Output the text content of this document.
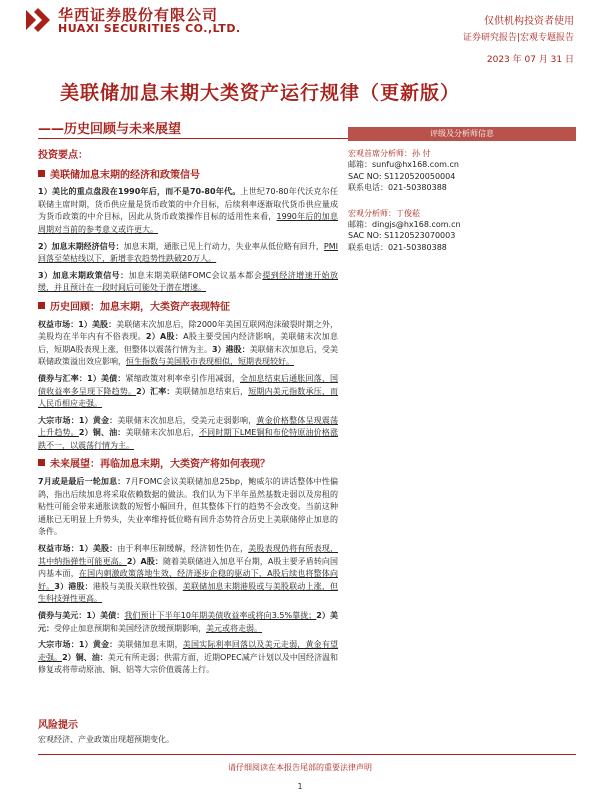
华西证券股份有限公司
HUAXI SECURITIES CO.,LTD.
仅供机构投资者使用
证券研究报告|宏观专题报告
2023 年 07 月 31 日
美联储加息末期大类资产运行规律（更新版）
——历史回顾与未来展望	评级及分析师信息
宏观首席分析师：孙 付
邮箱：sunfu@hx168.com.cn
SAC NO: S1120520050004
联系电话：021-50380388
宏观分析师：丁俊菘
邮箱：dingjs@hx168.com.cn
SAC NO: S1120523070003
联系电话：021-50380388
投资要点：
美联储加息末期的经济和政策信号

1）美比的重点盘段在1990年后，而不是70-80年代。上世纪70-80年代沃克尔任联储主席时期，货币供应量是货币政策的中介目标，后续利率逐渐取代货币供应量成为货币政策的中介目标，因此从货币政策操作目标的适用性来看，1990年后的加息周期对当前的参考意义或许更大。

2）加息末期经济信号：加息末期，通胀已见上行动力，失业率从低位略有回升，PMI回落至荣枯线以下，新增非农趋势性跌破20万人。

3）加息末期政策信号：加息末期美联储FOMC会议基本都会提到经济增速开始放缓，并且预计在一段时间后可能处于潜在增速。

历史回顾：加息末期，大类资产表现特征

权益市场：1）美股：美联储末次加息后，除2000年美国互联网泡沫破裂时期之外，美股均在半年内有不俗表现。2）A股：A股主要受国内经济影响，美联储末次加息后，短期A股表现上涨，但整体以震荡行情为主。3）港股：美联储末次加息后，受美联储政策溢出效应影响，恒生指数与美国股市表现相似，短期表现较好。

债券与汇率：1）美债：紧缩政策对利率牵引作用减弱，全加息结束后通胀回落、国债收益率多呈现下降趋势。2）汇率：美联储加息结束后，短期内美元指数承压，而人民币相应走强。

大宗市场：1）黄金：美联储末次加息后，受美元走弱影响，黄金价格整体呈现震荡上升趋势。2）铜、油：美联储末次加息后，不同时期下LME铜和布伦特原油价格涨跌不一，以震荡行情为主。

未来展望：再临加息末期，大类资产将如何表现？

7月或是最后一轮加息：7月FOMC会议美联储加息25bp，鲍威尔的讲话整体中性偏鸽，指出后续加息将采取依赖数据的做法。我们认为下半年虽然基数走弱以及房租的粘性可能会带来通胀读数的短暂小幅回升，但其整体下行的趋势不会改变。当前这种通胀已无明显上升势头，失业率维持低位略有回升态势符合历史上美联储停止加息的条件。

权益市场：1）美股：由于利率压制缓解，经济韧性仍在，美股表现仍将有所表现，其中纳指弹性可能更高。2）A股：随着美联储进入加息平台期，A股主要矛盾转向国内基本面，在国内刺激政策落地生效、经济逐步企稳的驱动下，A股后续也将整体向好。3）港股：港股与美股关联性较强，美联储加息末期港股或与美股联动上涨，但生科技弹性更高。

债券与美元：1）美债：我们预计下半年10年期美债收益率或将向3.5%靠拢；2）美元：受停止加息预期和美国经济放缓预期影响，美元或将走弱。

大宗市场：1）黄金：美联储加息末期，美国实际利率回落以及美元走弱，黄金有望走强。2）铜、油：美元有所走弱；供需方面，近期OPEC减产计划以及中国经济温和修复或将带动原油、铜、铝等大宗价值震荡上行。

风险提示
宏观经济、产业政策出现超预期变化。
请仔细阅读在本报告尾部的重要法律声明
1
